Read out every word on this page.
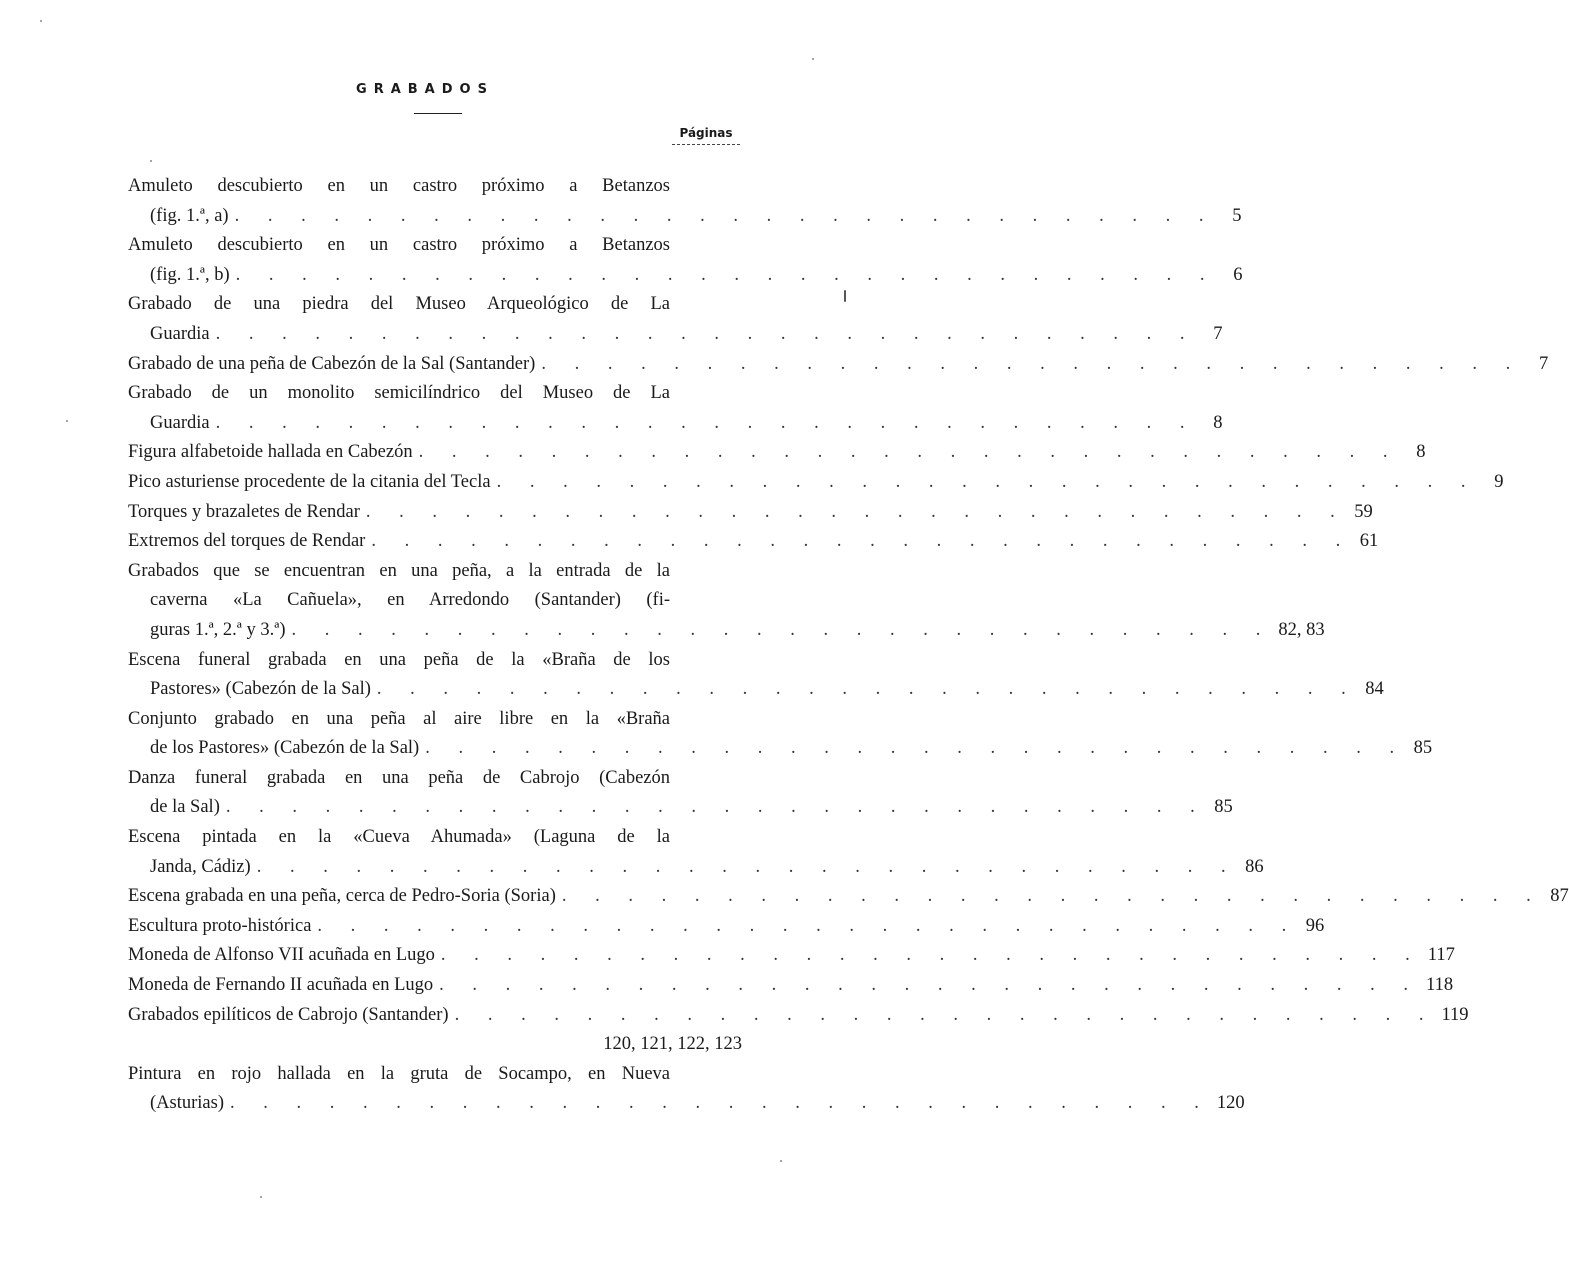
GRABADOS
Páginas
Amuleto descubierto en un castro próximo a Betanzos
(fig. 1.ª, a) . . . . . . . . . . . . . . . . . . . . . . . . . . . . . . 5
Amuleto descubierto en un castro próximo a Betanzos
(fig. 1.ª, b) . . . . . . . . . . . . . . . . . . . . . . . . . . . . . . 6
Grabado de una piedra del Museo Arqueológico de La
Guardia . . . . . . . . . . . . . . . . . . . . . . . . . . . . . . 7
Grabado de una peña de Cabezón de la Sal (Santander) . . . . . . . . . . . . . . . . . . . . . . . . . . . . . . 7
Grabado de un monolito semicilíndrico del Museo de La
Guardia . . . . . . . . . . . . . . . . . . . . . . . . . . . . . . 8
Figura alfabetoide hallada en Cabezón . . . . . . . . . . . . . . . . . . . . . . . . . . . . . . 8
Pico asturiense procedente de la citania del Tecla . . . . . . . . . . . . . . . . . . . . . . . . . . . . . . 9
Torques y brazaletes de Rendar . . . . . . . . . . . . . . . . . . . . . . . . . . . . . . 59
Extremos del torques de Rendar . . . . . . . . . . . . . . . . . . . . . . . . . . . . . . 61
Grabados que se encuentran en una peña, a la entrada de la
caverna «La Cañuela», en Arredondo (Santander) (fi-
guras 1.ª, 2.ª y 3.ª) . . . . . . . . . . . . . . . . . . . . . . . . . . . . . . 82, 83
Escena funeral grabada en una peña de la «Braña de los
Pastores» (Cabezón de la Sal) . . . . . . . . . . . . . . . . . . . . . . . . . . . . . . 84
Conjunto grabado en una peña al aire libre en la «Braña
de los Pastores» (Cabezón de la Sal) . . . . . . . . . . . . . . . . . . . . . . . . . . . . . . 85
Danza funeral grabada en una peña de Cabrojo (Cabezón
de la Sal) . . . . . . . . . . . . . . . . . . . . . . . . . . . . . . 85
Escena pintada en la «Cueva Ahumada» (Laguna de la
Janda, Cádiz) . . . . . . . . . . . . . . . . . . . . . . . . . . . . . . 86
Escena grabada en una peña, cerca de Pedro-Soria (Soria) . . . . . . . . . . . . . . . . . . . . . . . . . . . . . . 87
Escultura proto-histórica . . . . . . . . . . . . . . . . . . . . . . . . . . . . . . 96
Moneda de Alfonso VII acuñada en Lugo . . . . . . . . . . . . . . . . . . . . . . . . . . . . . . 117
Moneda de Fernando II acuñada en Lugo . . . . . . . . . . . . . . . . . . . . . . . . . . . . . . 118
Grabados epilíticos de Cabrojo (Santander) . . . . . . . . . . . . . . . . . . . . . . . . . . . . . . 119
120, 121, 122, 123
Pintura en rojo hallada en la gruta de Socampo, en Nueva
(Asturias) . . . . . . . . . . . . . . . . . . . . . . . . . . . . . . 120
